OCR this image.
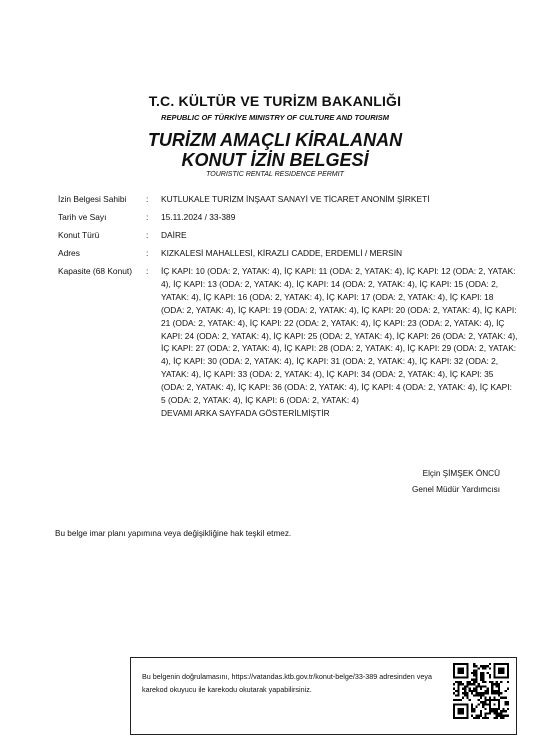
T.C. KÜLTÜR VE TURİZM BAKANLIĞI
REPUBLIC OF TÜRKİYE MINISTRY OF CULTURE AND TOURISM
TURİZM AMAÇLI KİRALANAN
KONUT İZİN BELGESİ
TOURISTIC RENTAL RESIDENCE PERMIT
İzin Belgesi Sahibi	:	KUTLUKALE TURİZM İNŞAAT SANAYİ VE TİCARET ANONİM ŞİRKETİ
Tarih ve Sayı	:	15.11.2024 / 33-389
Konut Türü	:	DAİRE
Adres	:	KIZKALESİ MAHALLESİ, KİRAZLI CADDE, ERDEMLİ / MERSİN
Kapasite (68 Konut)	:	İÇ KAPI: 10 (ODA: 2, YATAK: 4), İÇ KAPI: 11 (ODA: 2, YATAK: 4), İÇ KAPI: 12 (ODA: 2, YATAK: 4), İÇ KAPI: 13 (ODA: 2, YATAK: 4), İÇ KAPI: 14 (ODA: 2, YATAK: 4), İÇ KAPI: 15 (ODA: 2, YATAK: 4), İÇ KAPI: 16 (ODA: 2, YATAK: 4), İÇ KAPI: 17 (ODA: 2, YATAK: 4), İÇ KAPI: 18 (ODA: 2, YATAK: 4), İÇ KAPI: 19 (ODA: 2, YATAK: 4), İÇ KAPI: 20 (ODA: 2, YATAK: 4), İÇ KAPI: 21 (ODA: 2, YATAK: 4), İÇ KAPI: 22 (ODA: 2, YATAK: 4), İÇ KAPI: 23 (ODA: 2, YATAK: 4), İÇ KAPI: 24 (ODA: 2, YATAK: 4), İÇ KAPI: 25 (ODA: 2, YATAK: 4), İÇ KAPI: 26 (ODA: 2, YATAK: 4), İÇ KAPI: 27 (ODA: 2, YATAK: 4), İÇ KAPI: 28 (ODA: 2, YATAK: 4), İÇ KAPI: 29 (ODA: 2, YATAK: 4), İÇ KAPI: 30 (ODA: 2, YATAK: 4), İÇ KAPI: 31 (ODA: 2, YATAK: 4), İÇ KAPI: 32 (ODA: 2, YATAK: 4), İÇ KAPI: 33 (ODA: 2, YATAK: 4), İÇ KAPI: 34 (ODA: 2, YATAK: 4), İÇ KAPI: 35 (ODA: 2, YATAK: 4), İÇ KAPI: 36 (ODA: 2, YATAK: 4), İÇ KAPI: 4 (ODA: 2, YATAK: 4), İÇ KAPI: 5 (ODA: 2, YATAK: 4), İÇ KAPI: 6 (ODA: 2, YATAK: 4)
DEVAMI ARKA SAYFADA GÖSTERİLMİŞTİR
Elçin ŞİMŞEK ÖNCÜ
Genel Müdür Yardımcısı
Bu belge imar planı yapımına veya değişikliğine hak teşkil etmez.
Bu belgenin doğrulamasını, https://vatandas.ktb.gov.tr/konut-belge/33-389 adresinden veya karekod okuyucu ile karekodu okutarak yapabilirsiniz.
